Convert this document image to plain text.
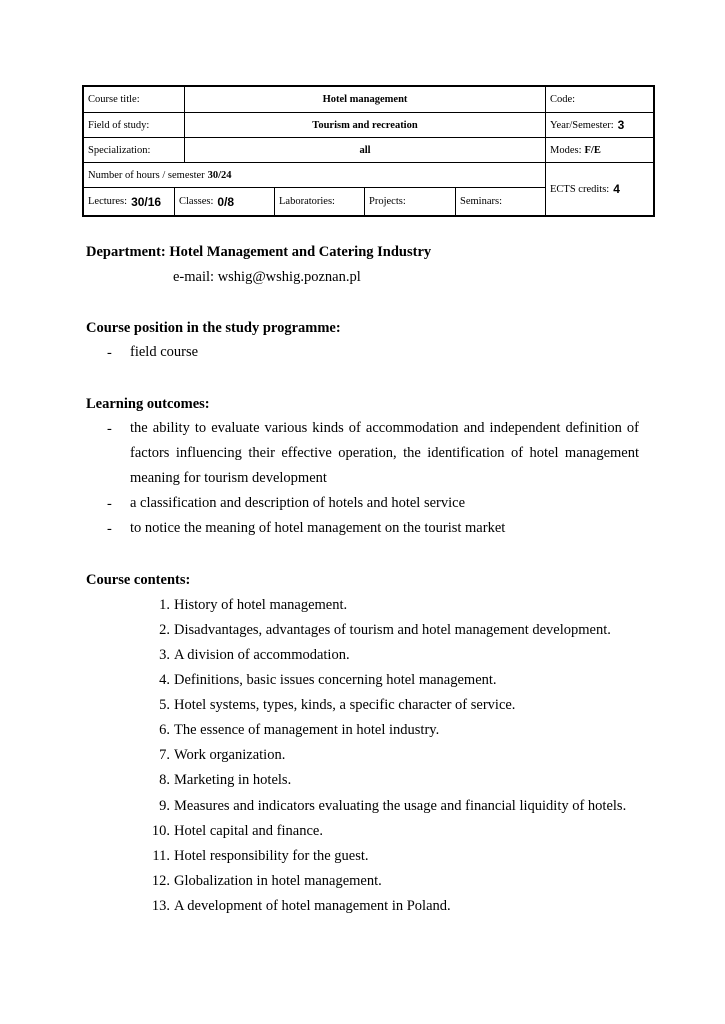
Course title:	Hotel management	Code:
Field of study:	Tourism and recreation	Year/Semester: 3
Specialization:	all	Modes: F/E
Number of hours / semester 30/24
Lectures: 30/16 Classes: 0/8	Laboratories:	Projects:	Seminars:
ECTS credits: 4
Department: Hotel Management and Catering Industry
e-mail: wshig@wshig.poznan.pl
Course position in the study programme:
- field course
Learning outcomes:
- the ability to evaluate various kinds of accommodation and independent definition of factors influencing their effective operation, the identification of hotel management meaning for tourism development
- a classification and description of hotels and hotel service
- to notice the meaning of hotel management on the tourist market
Course contents:
1. History of hotel management.
2. Disadvantages, advantages of tourism and hotel management development.
3. A division of accommodation.
4. Definitions, basic issues concerning hotel management.
5. Hotel systems, types, kinds, a specific character of service.
6. The essence of management in hotel industry.
7. Work organization.
8. Marketing in hotels.
9. Measures and indicators evaluating the usage and financial liquidity of hotels.
10. Hotel capital and finance.
11. Hotel responsibility for the guest.
12. Globalization in hotel management.
13. A development of hotel management in Poland.
